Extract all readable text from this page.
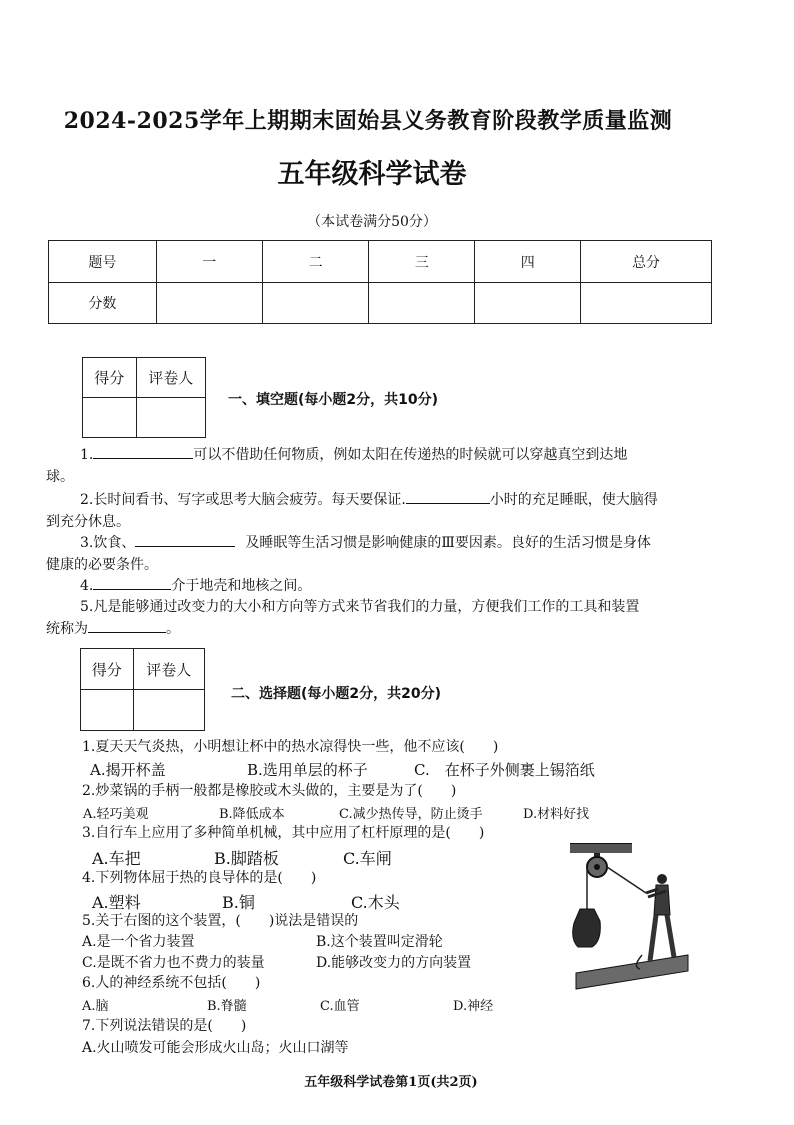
2024-2025学年上期期末固始县义务教育阶段教学质量监测
五年级科学试卷
（本试卷满分50分）
题号	一	二	三	四	总分
分数					
得分	评卷人

一、填空题(每小题2分，共10分)
1.	可以不借助任何物质，例如太阳在传递热的时候就可以穿越真空到达地
球。
2.长时间看书、写字或思考大脑会疲劳。每天要保证.	小时的充足睡眠，使大脑得
到充分休息。
3.饮食、	及睡眠等生活习惯是影响健康的Ⅲ要因素。良好的生活习惯是身体
健康的必要条件。
4.	介于地壳和地核之间。
5.凡是能够通过改变力的大小和方向等方式来节省我们的力量，方便我们工作的工具和装置
统称为	。
得分	评卷人

二、选择题(每小题2分，共20分)
1.夏天天气炎热，小明想让杯中的热水凉得快一些，他不应该(　　)
A.揭开杯盖	B.选用单层的杯子	C.　在杯子外侧裹上锡箔纸
2.炒菜锅的手柄一般都是橡胶或木头做的，主要是为了(　　)
A.轻巧美观	B.降低成本	C.减少热传导，防止烫手	D.材料好找
3.自行车上应用了多种简单机械，其中应用了杠杆原理的是(　　)
A.车把	B.脚踏板	C.车闸
4.下列物体屈于热的良导体的是(　　)
A.塑料	B.铜	C.木头
5.关于右图的这个装置，(　　)说法是错误的
A.是一个省力装置	B.这个装置叫定滑轮
C.是既不省力也不费力的装量	D.能够改变力的方向装置
6.人的神经系统不包括(　　)
A.脑	B.脊髓	C.血管	D.神经
7.下列说法错误的是(　　)
A.火山喷发可能会形成火山岛；火山口湖等
五年级科学试卷第1页(共2页)
